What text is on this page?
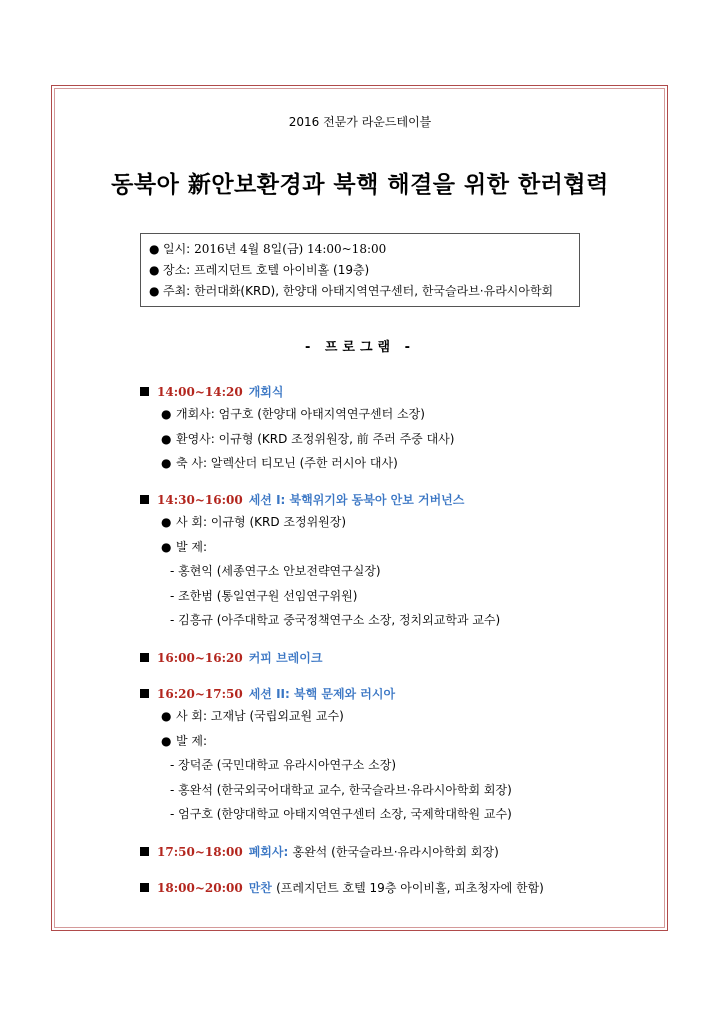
2016 전문가 라운드테이블
동북아 新안보환경과 북핵 해결을 위한 한러협력
● 일시: 2016년 4월 8일(금) 14:00~18:00
● 장소: 프레지던트 호텔 아이비홀 (19층)
● 주최: 한러대화(KRD), 한양대 아태지역연구센터, 한국슬라브·유라시아학회
- 프로그램 -
14:00~14:20 개회식
● 개회사: 엄구호 (한양대 아태지역연구센터 소장)
● 환영사: 이규형 (KRD 조정위원장, 前 주러 주중 대사)
● 축 사: 알렉산더 티모닌 (주한 러시아 대사)
14:30~16:00 세션 I: 북핵위기와 동북아 안보 거버넌스
● 사 회: 이규형 (KRD 조정위원장)
● 발 제:
- 홍현익 (세종연구소 안보전략연구실장)
- 조한범 (통일연구원 선임연구위원)
- 김흥규 (아주대학교 중국정책연구소 소장, 정치외교학과 교수)
16:00~16:20 커피 브레이크
16:20~17:50 세션 II: 북핵 문제와 러시아
● 사 회: 고재남 (국립외교원 교수)
● 발 제:
- 장덕준 (국민대학교 유라시아연구소 소장)
- 홍완석 (한국외국어대학교 교수, 한국슬라브·유라시아학회 회장)
- 엄구호 (한양대학교 아태지역연구센터 소장, 국제학대학원 교수)
17:50~18:00 폐회사: 홍완석 (한국슬라브·유라시아학회 회장)
18:00~20:00 만찬 (프레지던트 호텔 19층 아이비홀, 피초청자에 한함)
